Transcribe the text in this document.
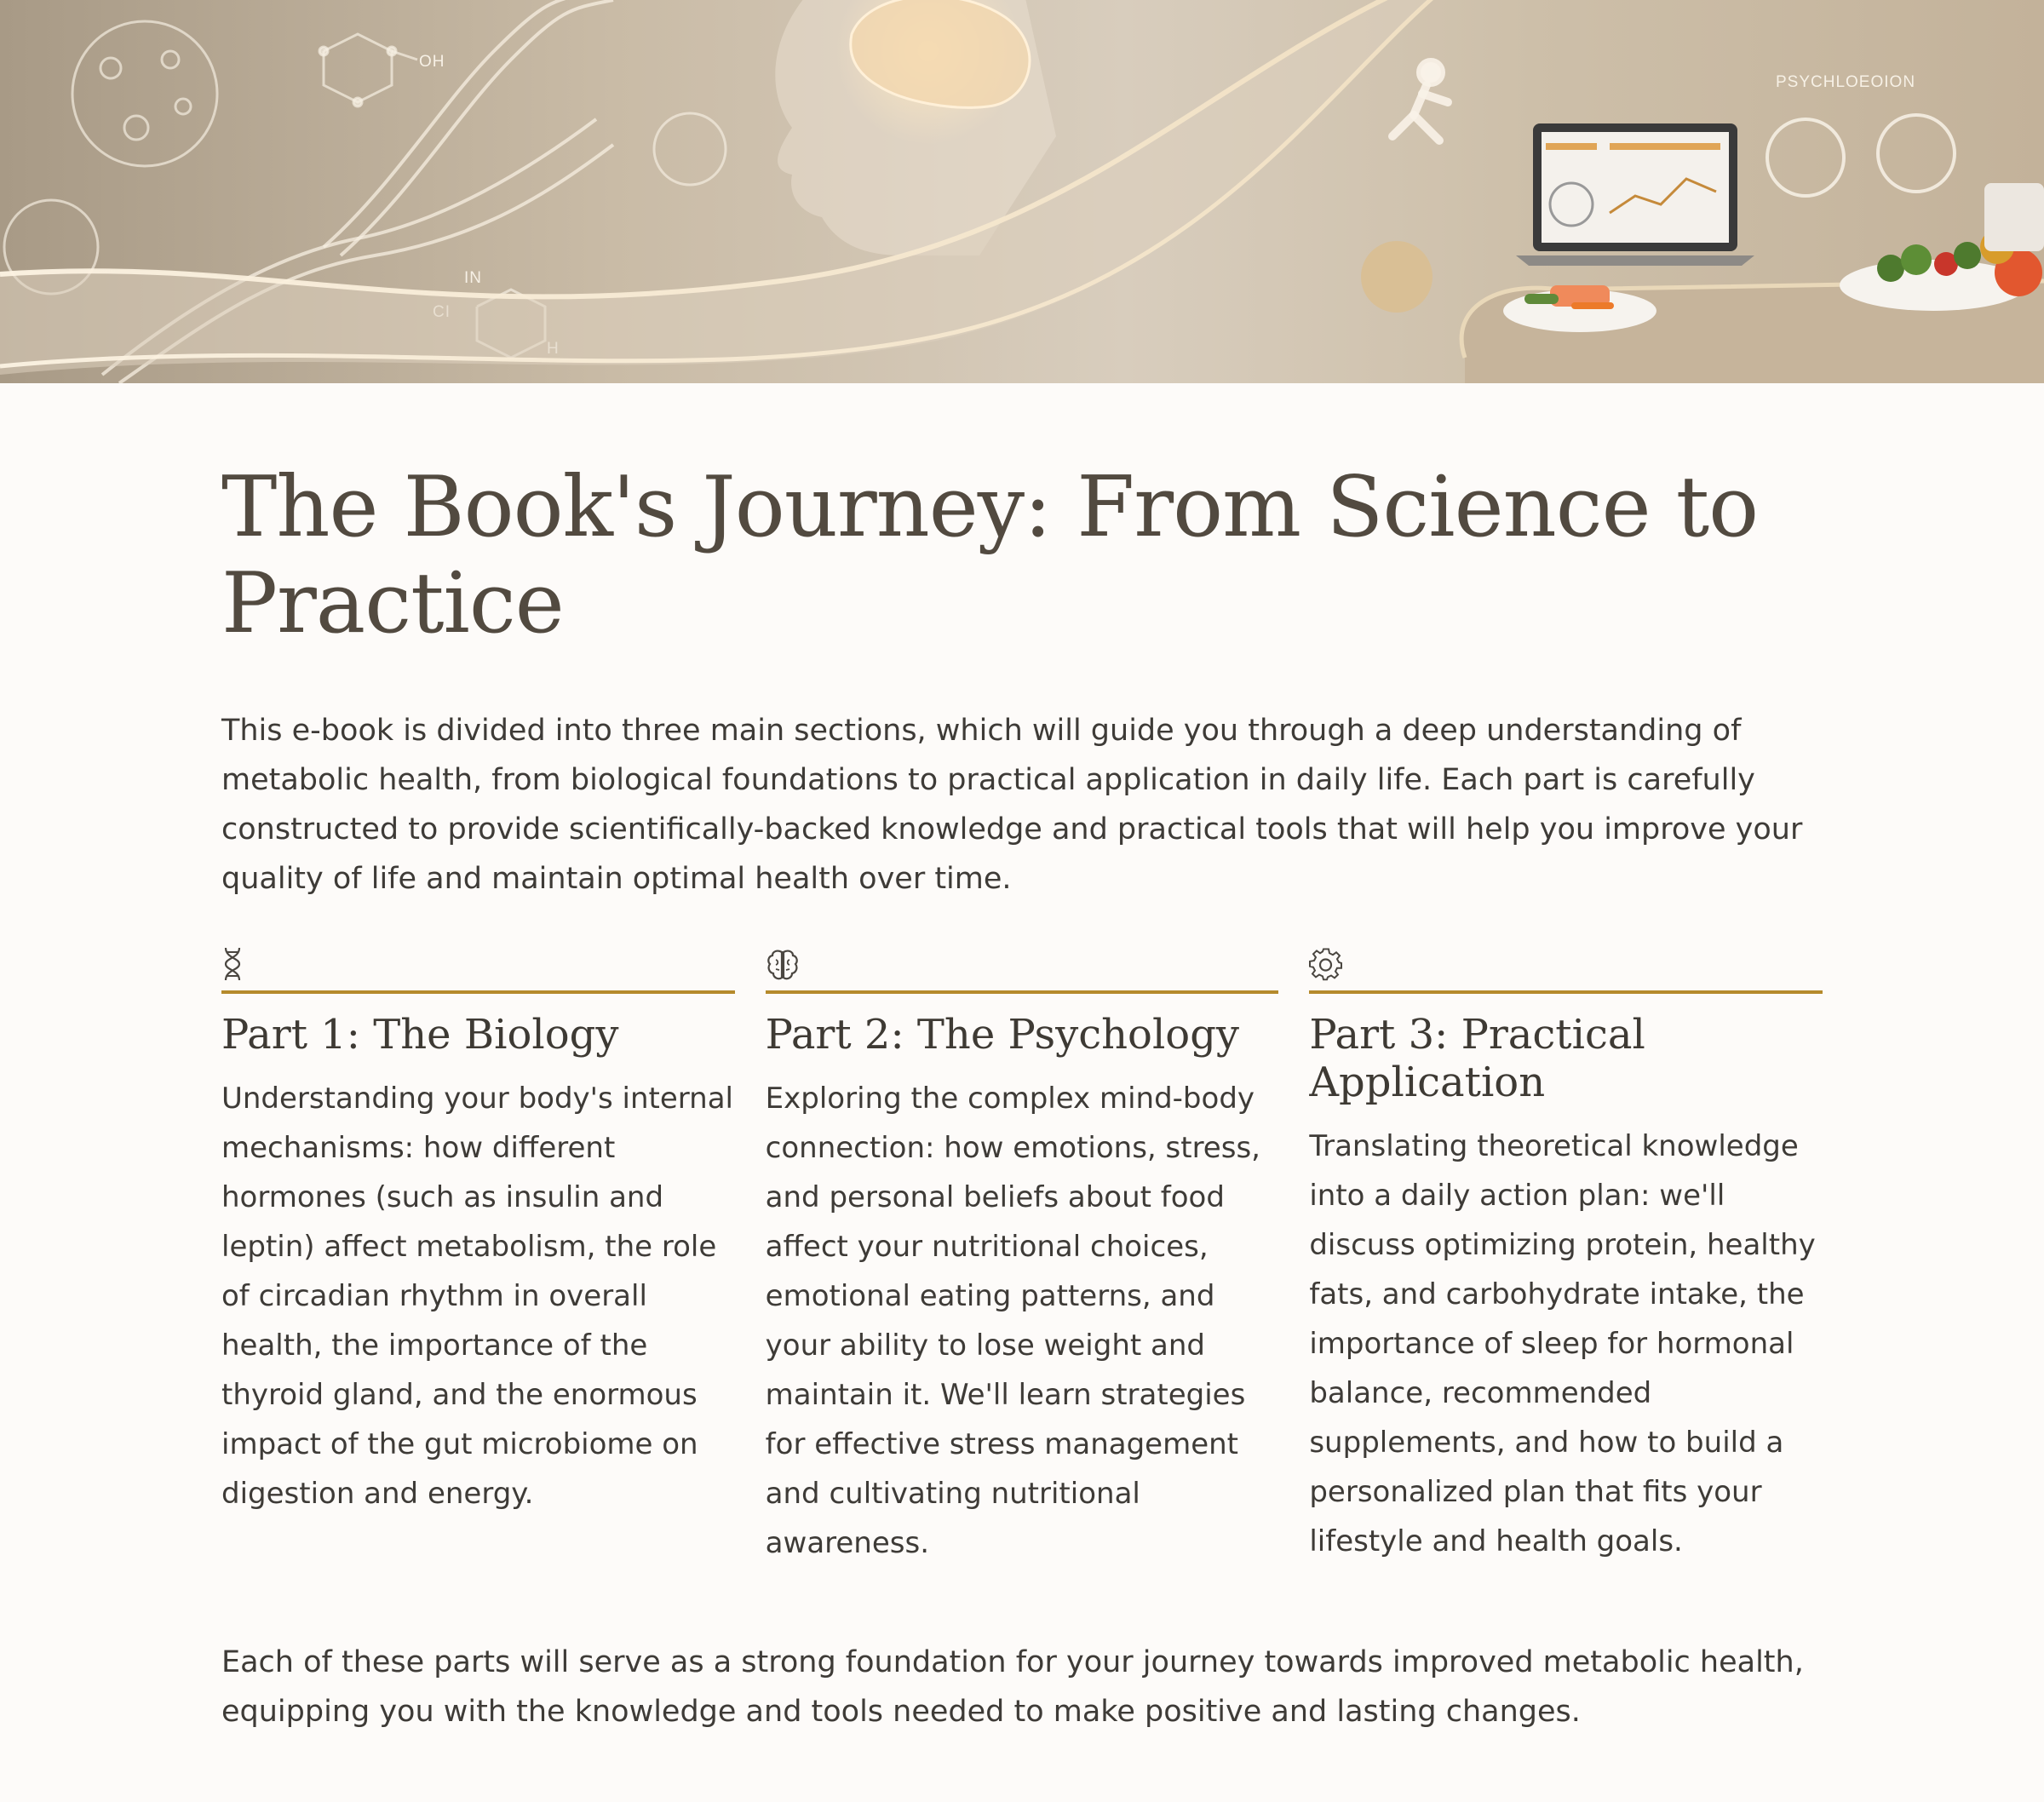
OH
IN
PSYCHLOEOION
The Book's Journey: From Science to Practice

This e-book is divided into three main sections, which will guide you through a deep understanding of metabolic health, from biological foundations to practical application in daily life. Each part is carefully constructed to provide scientifically-backed knowledge and practical tools that will help you improve your quality of life and maintain optimal health over time.

Part 1: The Biology

Understanding your body's internal mechanisms: how different hormones (such as insulin and leptin) affect metabolism, the role of circadian rhythm in overall health, the importance of the thyroid gland, and the enormous impact of the gut microbiome on digestion and energy.

Part 2: The Psychology

Exploring the complex mind-body connection: how emotions, stress, and personal beliefs about food affect your nutritional choices, emotional eating patterns, and your ability to lose weight and maintain it. We'll learn strategies for effective stress management and cultivating nutritional awareness.

Part 3: Practical Application

Translating theoretical knowledge into a daily action plan: we'll discuss optimizing protein, healthy fats, and carbohydrate intake, the importance of sleep for hormonal balance, recommended supplements, and how to build a personalized plan that fits your lifestyle and health goals.

Each of these parts will serve as a strong foundation for your journey towards improved metabolic health, equipping you with the knowledge and tools needed to make positive and lasting changes.
